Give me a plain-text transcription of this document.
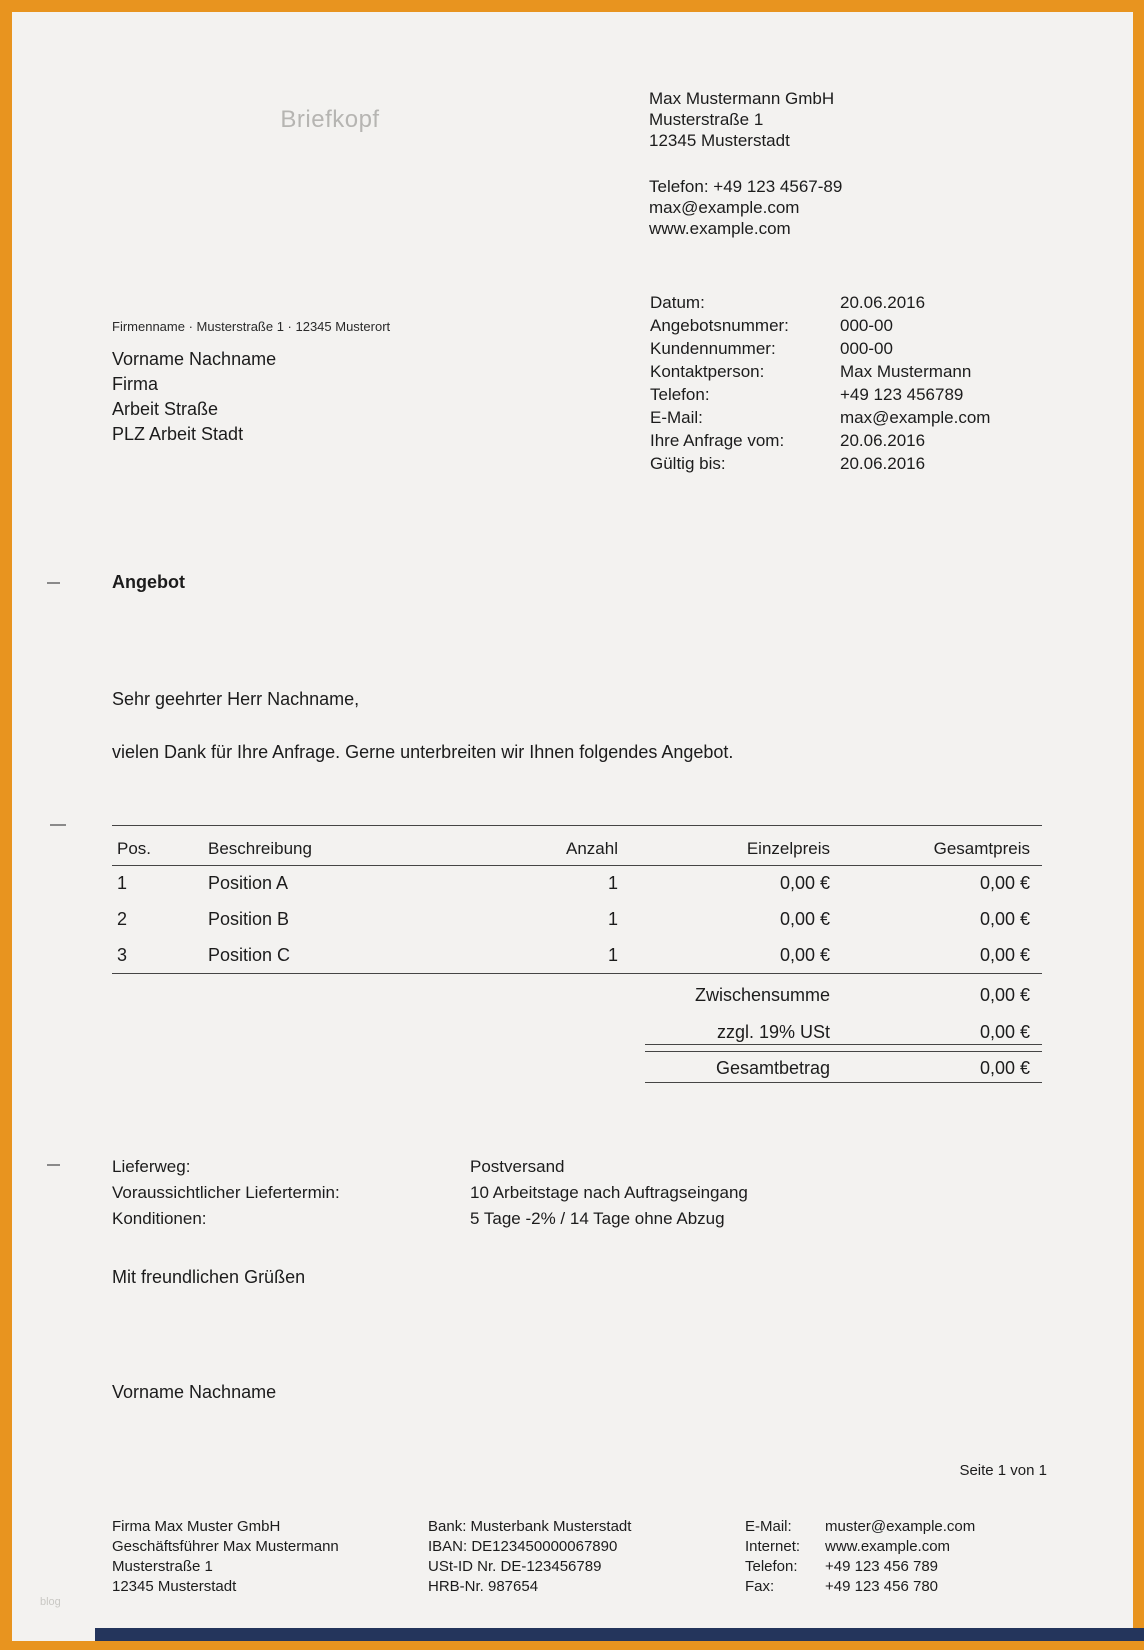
Briefkopf
Max Mustermann GmbH
Musterstraße 1
12345 Musterstadt
Telefon: +49 123 4567-89
max@example.com
www.example.com
Firmenname · Musterstraße 1 · 12345 Musterort
Vorname Nachname
Firma
Arbeit Straße
PLZ Arbeit Stadt
Datum:	20.06.2016
Angebotsnummer:	000-00
Kundennummer:	000-00
Kontaktperson:	Max Mustermann
Telefon:	+49 123 456789
E-Mail:	max@example.com
Ihre Anfrage vom:	20.06.2016
Gültig bis:	20.06.2016
Angebot
Sehr geehrter Herr Nachname,
vielen Dank für Ihre Anfrage. Gerne unterbreiten wir Ihnen folgendes Angebot.
Pos.	Beschreibung	Anzahl	Einzelpreis	Gesamtpreis
1	Position A	1	0,00 €	0,00 €
2	Position B	1	0,00 €	0,00 €
3	Position C	1	0,00 €	0,00 €
Zwischensumme	0,00 €
zzgl. 19% USt	0,00 €
Gesamtbetrag	0,00 €
Lieferweg:	Postversand
Voraussichtlicher Liefertermin:	10 Arbeitstage nach Auftragseingang
Konditionen:	5 Tage -2% / 14 Tage ohne Abzug
Mit freundlichen Grüßen
Vorname Nachname
Seite 1 von 1
Firma Max Muster GmbH
Geschäftsführer Max Mustermann
Musterstraße 1
12345 Musterstadt
Bank: Musterbank Musterstadt
IBAN: DE123450000067890
USt-ID Nr. DE-123456789
HRB-Nr. 987654
E-Mail: muster@example.com
Internet: www.example.com
Telefon: +49 123 456 789
Fax:	+49 123 456 780
blog
